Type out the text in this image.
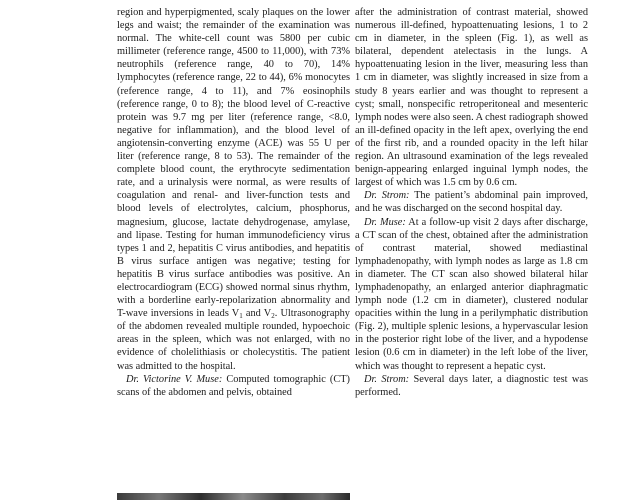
region and hyperpigmented, scaly plaques on the lower legs and waist; the remainder of the examination was normal. The white-cell count was 5800 per cubic millimeter (reference range, 4500 to 11,000), with 73% neutrophils (reference range, 40 to 70), 14% lymphocytes (reference range, 22 to 44), 6% monocytes (reference range, 4 to 11), and 7% eosinophils (reference range, 0 to 8); the blood level of C-reactive protein was 9.7 mg per liter (reference range, <8.0, negative for inflammation), and the blood level of angiotensin-converting enzyme (ACE) was 55 U per liter (reference range, 8 to 53). The remainder of the complete blood count, the erythrocyte sedimentation rate, and a urinalysis were normal, as were results of coagulation and renal- and liver-function tests and blood levels of electrolytes, calcium, phosphorus, magnesium, glucose, lactate dehydrogenase, amylase, and lipase. Testing for human immunodeficiency virus types 1 and 2, hepatitis C virus antibodies, and hepatitis B virus surface antigen was negative; testing for hepatitis B virus surface antibodies was positive. An electrocardiogram (ECG) showed normal sinus rhythm, with a borderline early-repolarization abnormality and T-wave inversions in leads $V_1$ and $V_2$. Ultrasonography of the abdomen revealed multiple rounded, hypoechoic areas in the spleen, which was not enlarged, with no evidence of cholelithiasis or cholecystitis. The patient was admitted to the hospital.

Dr. Victorine V. Muse: Computed tomographic (CT) scans of the abdomen and pelvis, obtained

after the administration of contrast material, showed numerous ill-defined, hypoattenuating lesions, 1 to 2 cm in diameter, in the spleen (Fig. 1), as well as bilateral, dependent atelectasis in the lungs. A hypoattenuating lesion in the liver, measuring less than 1 cm in diameter, was slightly increased in size from a study 8 years earlier and was thought to represent a cyst; small, nonspecific retroperitoneal and mesenteric lymph nodes were also seen. A chest radiograph showed an ill-defined opacity in the left apex, overlying the end of the first rib, and a rounded opacity in the left hilar region. An ultrasound examination of the legs revealed benign-appearing enlarged inguinal lymph nodes, the largest of which was 1.5 cm by 0.6 cm.

Dr. Strom: The patient’s abdominal pain improved, and he was discharged on the second hospital day.

Dr. Muse: At a follow-up visit 2 days after discharge, a CT scan of the chest, obtained after the administration of contrast material, showed mediastinal lymphadenopathy, with lymph nodes as large as 1.8 cm in diameter. The CT scan also showed bilateral hilar lymphadenopathy, an enlarged anterior diaphragmatic lymph node (1.2 cm in diameter), clustered nodular opacities within the lung in a perilymphatic distribution (Fig. 2), multiple splenic lesions, a hypervascular lesion in the posterior right lobe of the liver, and a hypodense lesion (0.6 cm in diameter) in the left lobe of the liver, which was thought to represent a hepatic cyst.

Dr. Strom: Several days later, a diagnostic test was performed.
